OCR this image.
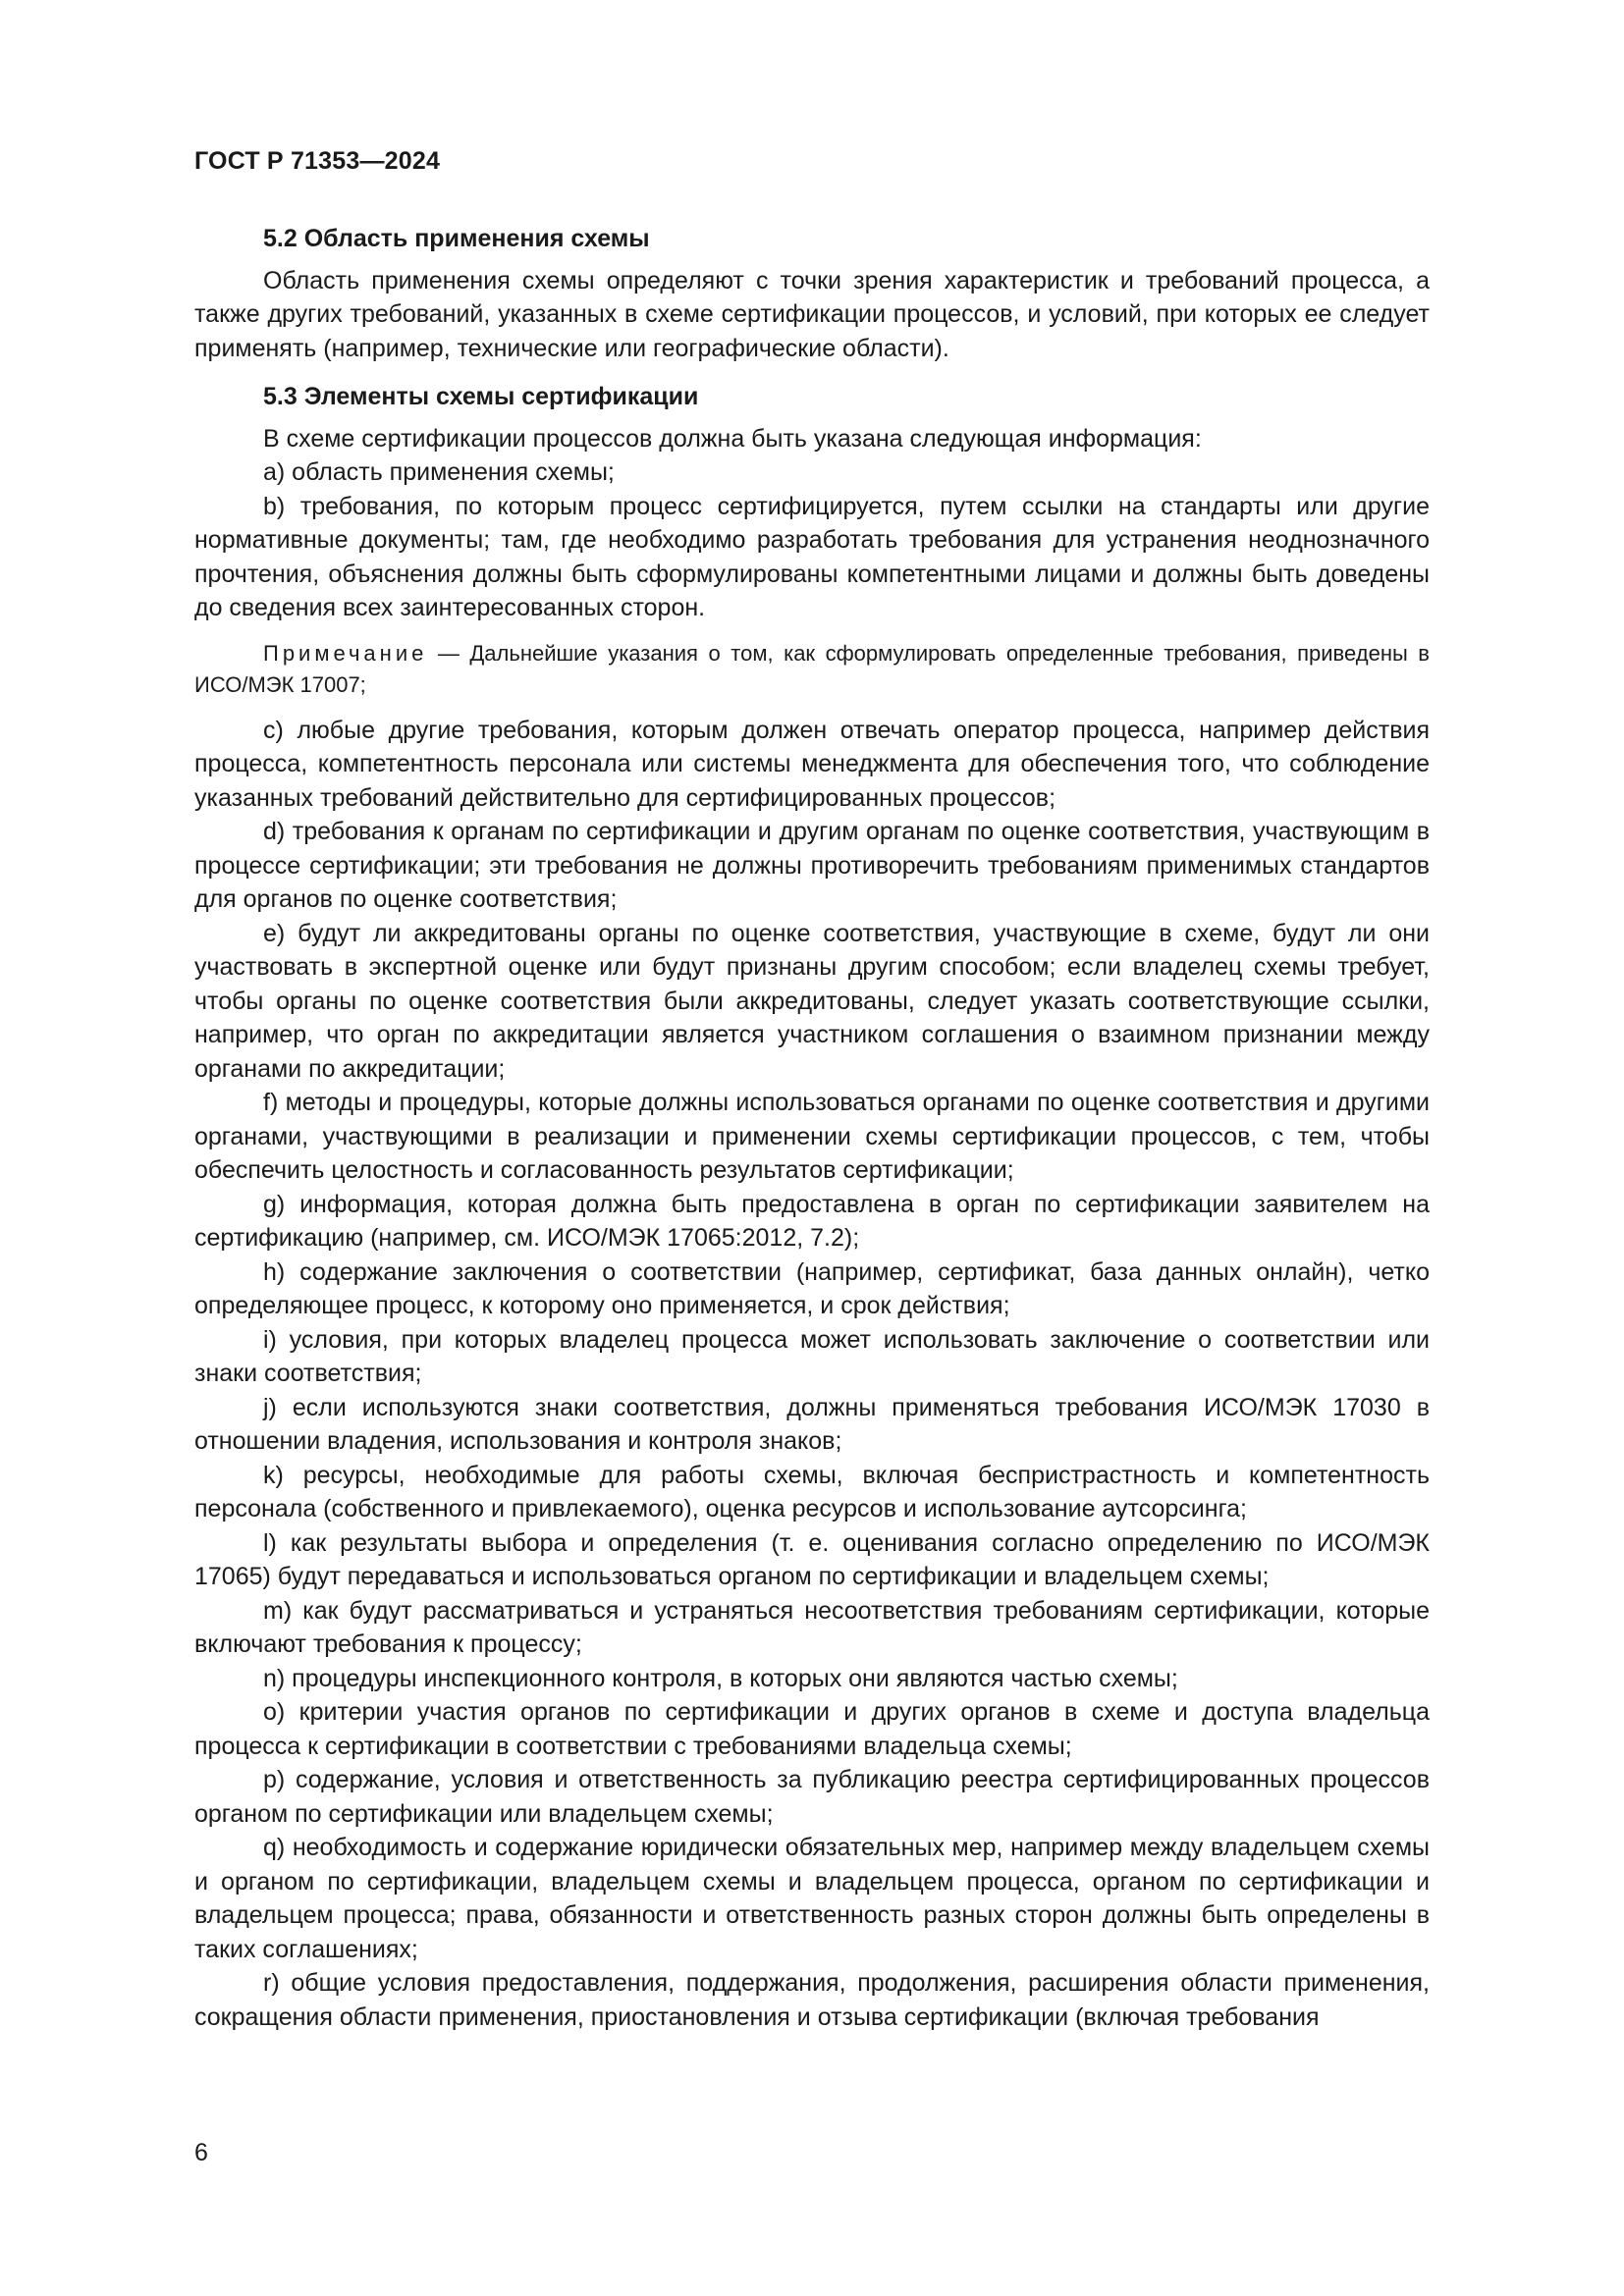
ГОСТ Р 71353—2024
5.2 Область применения схемы

Область применения схемы определяют с точки зрения характеристик и требований процесса, а также других требований, указанных в схеме сертификации процессов, и условий, при которых ее следует применять (например, технические или географические области).

5.3 Элементы схемы сертификации

В схеме сертификации процессов должна быть указана следующая информация:

а) область применения схемы;

b) требования, по которым процесс сертифицируется, путем ссылки на стандарты или другие нормативные документы; там, где необходимо разработать требования для устранения неоднозначного прочтения, объяснения должны быть сформулированы компетентными лицами и должны быть доведены до сведения всех заинтересованных сторон.

Примечание — Дальнейшие указания о том, как сформулировать определенные требования, приведены в ИСО/МЭК 17007;

c) любые другие требования, которым должен отвечать оператор процесса, например действия процесса, компетентность персонала или системы менеджмента для обеспечения того, что соблюдение указанных требований действительно для сертифицированных процессов;

d) требования к органам по сертификации и другим органам по оценке соответствия, участвующим в процессе сертификации; эти требования не должны противоречить требованиям применимых стандартов для органов по оценке соответствия;

e) будут ли аккредитованы органы по оценке соответствия, участвующие в схеме, будут ли они участвовать в экспертной оценке или будут признаны другим способом; если владелец схемы требует, чтобы органы по оценке соответствия были аккредитованы, следует указать соответствующие ссылки, например, что орган по аккредитации является участником соглашения о взаимном признании между органами по аккредитации;

f) методы и процедуры, которые должны использоваться органами по оценке соответствия и другими органами, участвующими в реализации и применении схемы сертификации процессов, с тем, чтобы обеспечить целостность и согласованность результатов сертификации;

g) информация, которая должна быть предоставлена в орган по сертификации заявителем на сертификацию (например, см. ИСО/МЭК 17065:2012, 7.2);

h) содержание заключения о соответствии (например, сертификат, база данных онлайн), четко определяющее процесс, к которому оно применяется, и срок действия;

i) условия, при которых владелец процесса может использовать заключение о соответствии или знаки соответствия;

j) если используются знаки соответствия, должны применяться требования ИСО/МЭК 17030 в отношении владения, использования и контроля знаков;

k) ресурсы, необходимые для работы схемы, включая беспристрастность и компетентность персонала (собственного и привлекаемого), оценка ресурсов и использование аутсорсинга;

l) как результаты выбора и определения (т. е. оценивания согласно определению по ИСО/МЭК 17065) будут передаваться и использоваться органом по сертификации и владельцем схемы;

m) как будут рассматриваться и устраняться несоответствия требованиям сертификации, которые включают требования к процессу;

n) процедуры инспекционного контроля, в которых они являются частью схемы;

o) критерии участия органов по сертификации и других органов в схеме и доступа владельца процесса к сертификации в соответствии с требованиями владельца схемы;

p) содержание, условия и ответственность за публикацию реестра сертифицированных процессов органом по сертификации или владельцем схемы;

q) необходимость и содержание юридически обязательных мер, например между владельцем схемы и органом по сертификации, владельцем схемы и владельцем процесса, органом по сертификации и владельцем процесса; права, обязанности и ответственность разных сторон должны быть определены в таких соглашениях;

r) общие условия предоставления, поддержания, продолжения, расширения области применения, сокращения области применения, приостановления и отзыва сертификации (включая требования

6
